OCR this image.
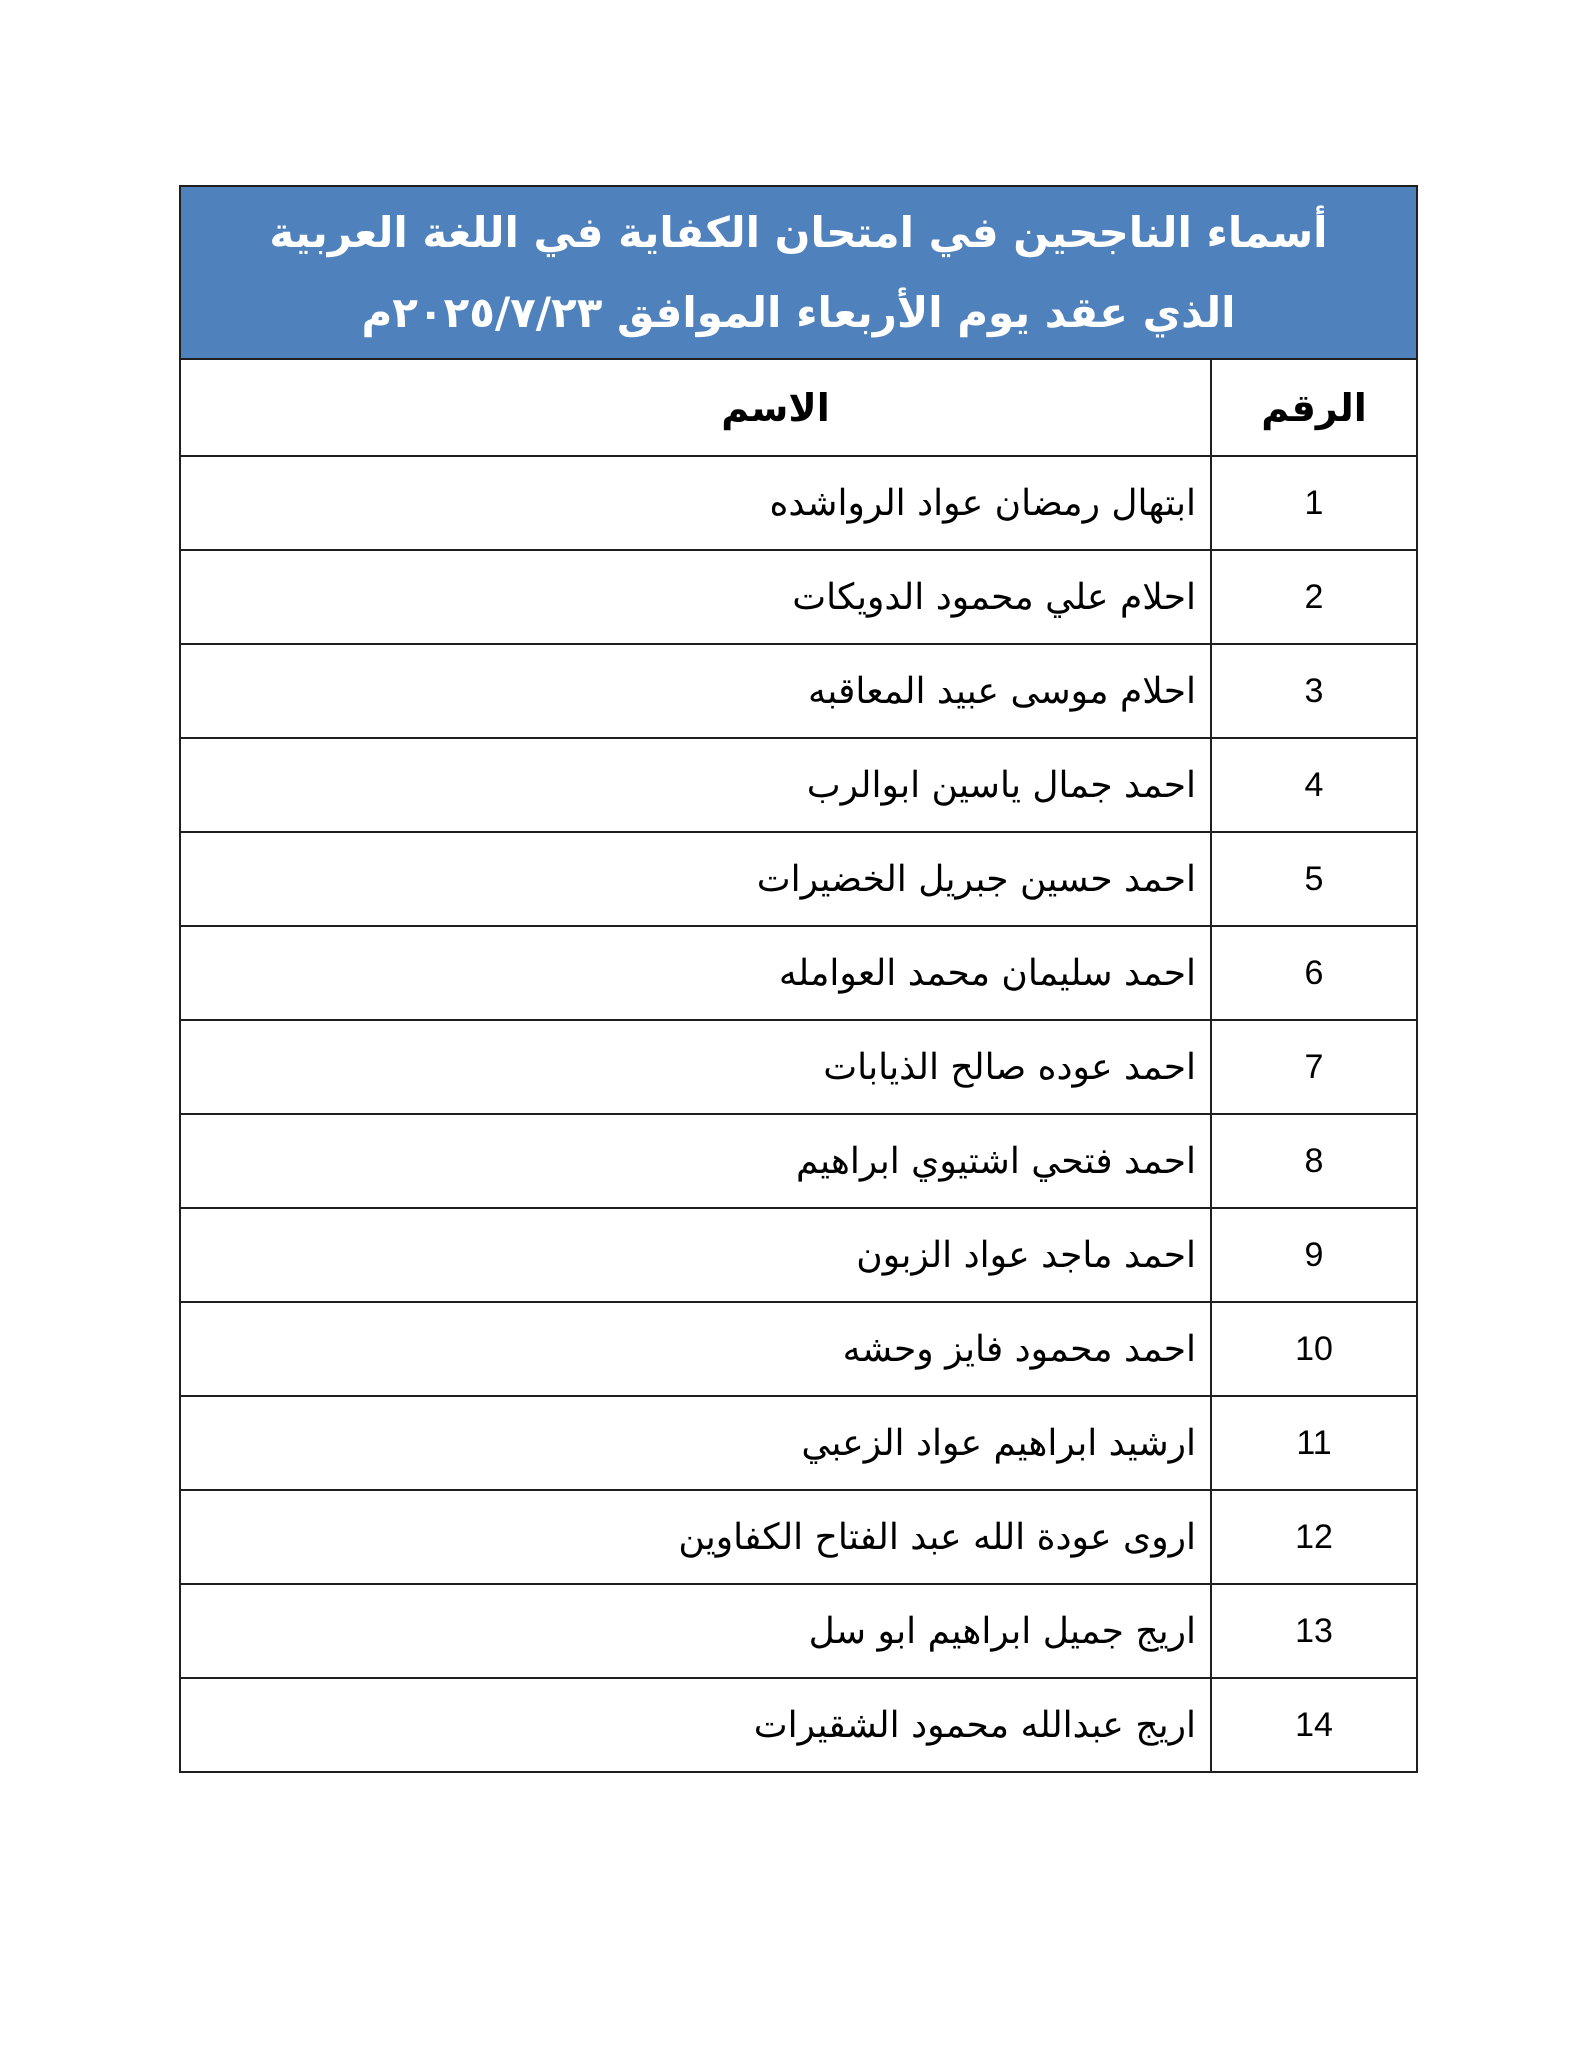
أسماء الناجحين في امتحان الكفاية في اللغة العربية
الذي عقد يوم الأربعاء الموافق ٢٠٢٥/٧/٢٣م
الرقم	الاسم
1	ابتهال رمضان عواد الرواشده
2	احلام علي محمود الدويكات
3	احلام موسى عبيد المعاقبه
4	احمد جمال ياسين ابوالرب
5	احمد حسين جبريل الخضيرات
6	احمد سليمان محمد العوامله
7	احمد عوده صالح الذيابات
8	احمد فتحي اشتيوي ابراهيم
9	احمد ماجد عواد الزبون
10	احمد محمود فايز وحشه
11	ارشيد ابراهيم عواد الزعبي
12	اروى عودة الله عبد الفتاح الكفاوين
13	اريج جميل ابراهيم ابو سل
14	اريج عبدالله محمود الشقيرات
